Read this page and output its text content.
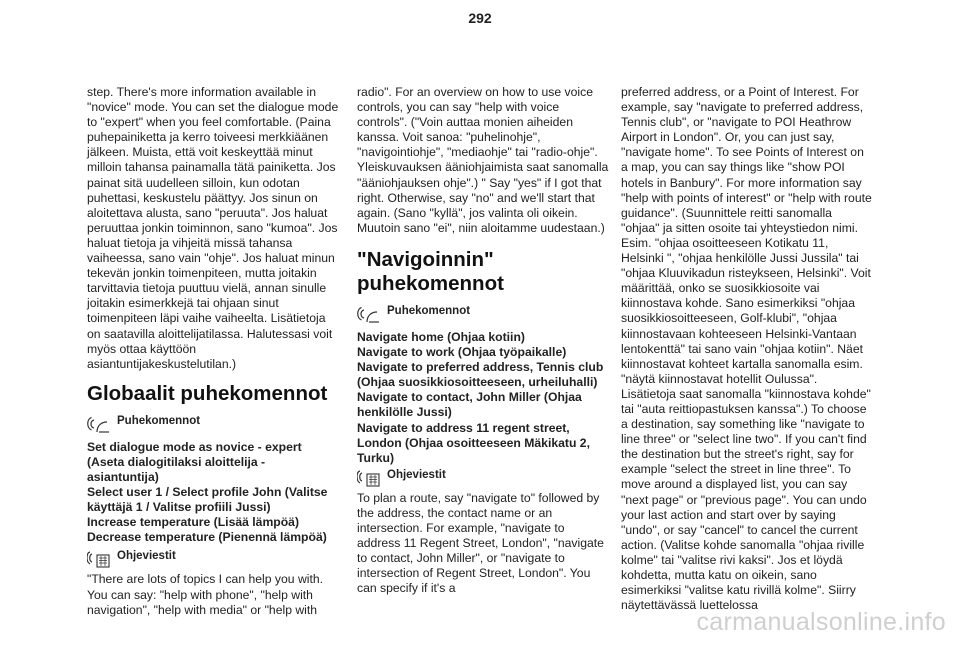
292

step. There's more information available in "novice" mode. You can set the dialogue mode to "expert" when you feel comfortable. (Paina puhepainiketta ja kerro toiveesi merkkiäänen jälkeen. Muista, että voit keskeyttää minut milloin tahansa painamalla tätä painiketta. Jos painat sitä uudelleen silloin, kun odotan puhettasi, keskustelu päättyy. Jos sinun on aloitettava alusta, sano "peruuta". Jos haluat peruuttaa jonkin toiminnon, sano "kumoa". Jos haluat tietoja ja vihjeitä missä tahansa vaiheessa, sano vain "ohje". Jos haluat minun tekevän jonkin toimenpiteen, mutta joitakin tarvittavia tietoja puuttuu vielä, annan sinulle joitakin esimerkkejä tai ohjaan sinut toimenpiteen läpi vaihe vaiheelta. Lisätietoja on saatavilla aloittelijatilassa. Halutessasi voit myös ottaa käyttöön asiantuntijakeskustelutilan.)

Globaalit puhekomennot
Puhekomennot
Set dialogue mode as novice - expert (Aseta dialogitilaksi aloittelija - asiantuntija)
Select user 1 / Select profile John (Valitse käyttäjä 1 / Valitse profiili Jussi)
Increase temperature (Lisää lämpöä)
Decrease temperature (Pienennä lämpöä)
Ohjeviestit

"There are lots of topics I can help you with. You can say: "help with phone", "help with navigation", "help with media" or "help with

radio". For an overview on how to use voice controls, you can say "help with voice controls". ("Voin auttaa monien aiheiden kanssa. Voit sanoa: "puhelinohje", "navigointiohje", "mediaohje" tai "radio-ohje". Yleiskuvauksen ääniohjaimista saat sanomalla "ääniohjauksen ohje".) " Say "yes" if I got that right. Otherwise, say "no" and we'll start that again. (Sano "kyllä", jos valinta oli oikein. Muutoin sano "ei", niin aloitamme uudestaan.)

"Navigoinnin" puhekomennot
Puhekomennot
Navigate home (Ohjaa kotiin)
Navigate to work (Ohjaa työpaikalle)
Navigate to preferred address, Tennis club (Ohjaa suosikkiosoitteeseen, urheiluhalli)
Navigate to contact, John Miller (Ohjaa henkilölle Jussi)
Navigate to address 11 regent street, London (Ohjaa osoitteeseen Mäkikatu 2, Turku)
Ohjeviestit

To plan a route, say "navigate to" followed by the address, the contact name or an intersection. For example, "navigate to address 11 Regent Street, London", "navigate to contact, John Miller", or "navigate to intersection of Regent Street, London". You can specify if it's a

preferred address, or a Point of Interest. For example, say "navigate to preferred address, Tennis club", or "navigate to POI Heathrow Airport in London". Or, you can just say, "navigate home". To see Points of Interest on a map, you can say things like "show POI hotels in Banbury". For more information say "help with points of interest" or "help with route guidance". (Suunnittele reitti sanomalla "ohjaa" ja sitten osoite tai yhteystiedon nimi. Esim. "ohjaa osoitteeseen Kotikatu 11, Helsinki ", "ohjaa henkilölle Jussi Jussila" tai "ohjaa Kluuvikadun risteykseen, Helsinki". Voit määrittää, onko se suosikkiosoite vai kiinnostava kohde. Sano esimerkiksi "ohjaa suosikkiosoitteeseen, Golf-klubi", "ohjaa kiinnostavaan kohteeseen Helsinki-Vantaan lentokenttä" tai sano vain "ohjaa kotiin". Näet kiinnostavat kohteet kartalla sanomalla esim. "näytä kiinnostavat hotellit Oulussa". Lisätietoja saat sanomalla "kiinnostava kohde" tai "auta reittiopastuksen kanssa".) To choose a destination, say something like "navigate to line three" or "select line two". If you can't find the destination but the street's right, say for example "select the street in line three". To move around a displayed list, you can say "next page" or "previous page". You can undo your last action and start over by saying "undo", or say "cancel" to cancel the current action. (Valitse kohde sanomalla "ohjaa riville kolme" tai "valitse rivi kaksi". Jos et löydä kohdetta, mutta katu on oikein, sano esimerkiksi "valitse katu rivillä kolme". Siirry näytettävässä luettelossa

carmanualsonline.info
